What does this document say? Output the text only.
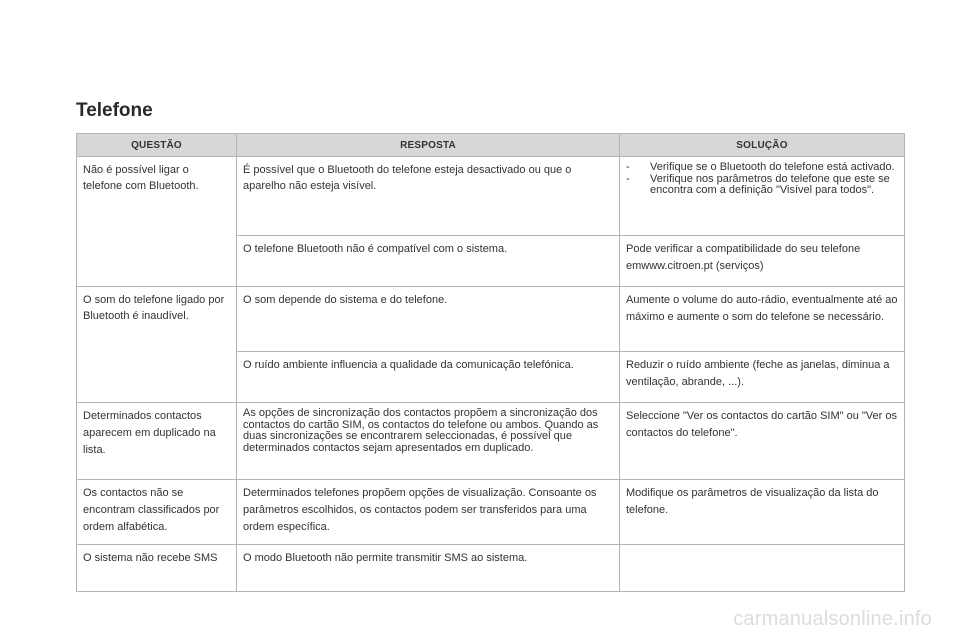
Telefone
QUESTÃO	RESPOSTA	SOLUÇÃO
Não é possível ligar o telefone com Bluetooth.	É possível que o Bluetooth do telefone esteja desactivado ou que o aparelho não esteja visível.	- Verifique se o Bluetooth do telefone está activado.
- Verifique nos parâmetros do telefone que este se encontra com a definição "Visível para todos".

	O telefone Bluetooth não é compatível com o sistema.	Pode verificar a compatibilidade do seu telefone emwww.citroen.pt (serviços)
O som do telefone ligado por Bluetooth é inaudível.	O som depende do sistema e do telefone.	Aumente o volume do auto-rádio, eventualmente até ao máximo e aumente o som do telefone se necessário.
	O ruído ambiente influencia a qualidade da comunicação telefónica.	Reduzir o ruído ambiente (feche as janelas, diminua a ventilação, abrande, ...).
Determinados contactos aparecem em duplicado na lista.	As opções de sincronização dos contactos propõem a sincronização dos contactos do cartão SIM, os contactos do telefone ou ambos. Quando as duas sincronizações se encontrarem seleccionadas, é possível que determinados contactos sejam apresentados em duplicado.	Seleccione "Ver os contactos do cartão SIM" ou "Ver os contactos do telefone".
Os contactos não se encontram classificados por ordem alfabética.	Determinados telefones propõem opções de visualização. Consoante os parâmetros escolhidos, os contactos podem ser transferidos para uma ordem específica.	Modifique os parâmetros de visualização da lista do telefone.
O sistema não recebe SMS	O modo Bluetooth não permite transmitir SMS ao sistema.	
carmanualsonline.info
